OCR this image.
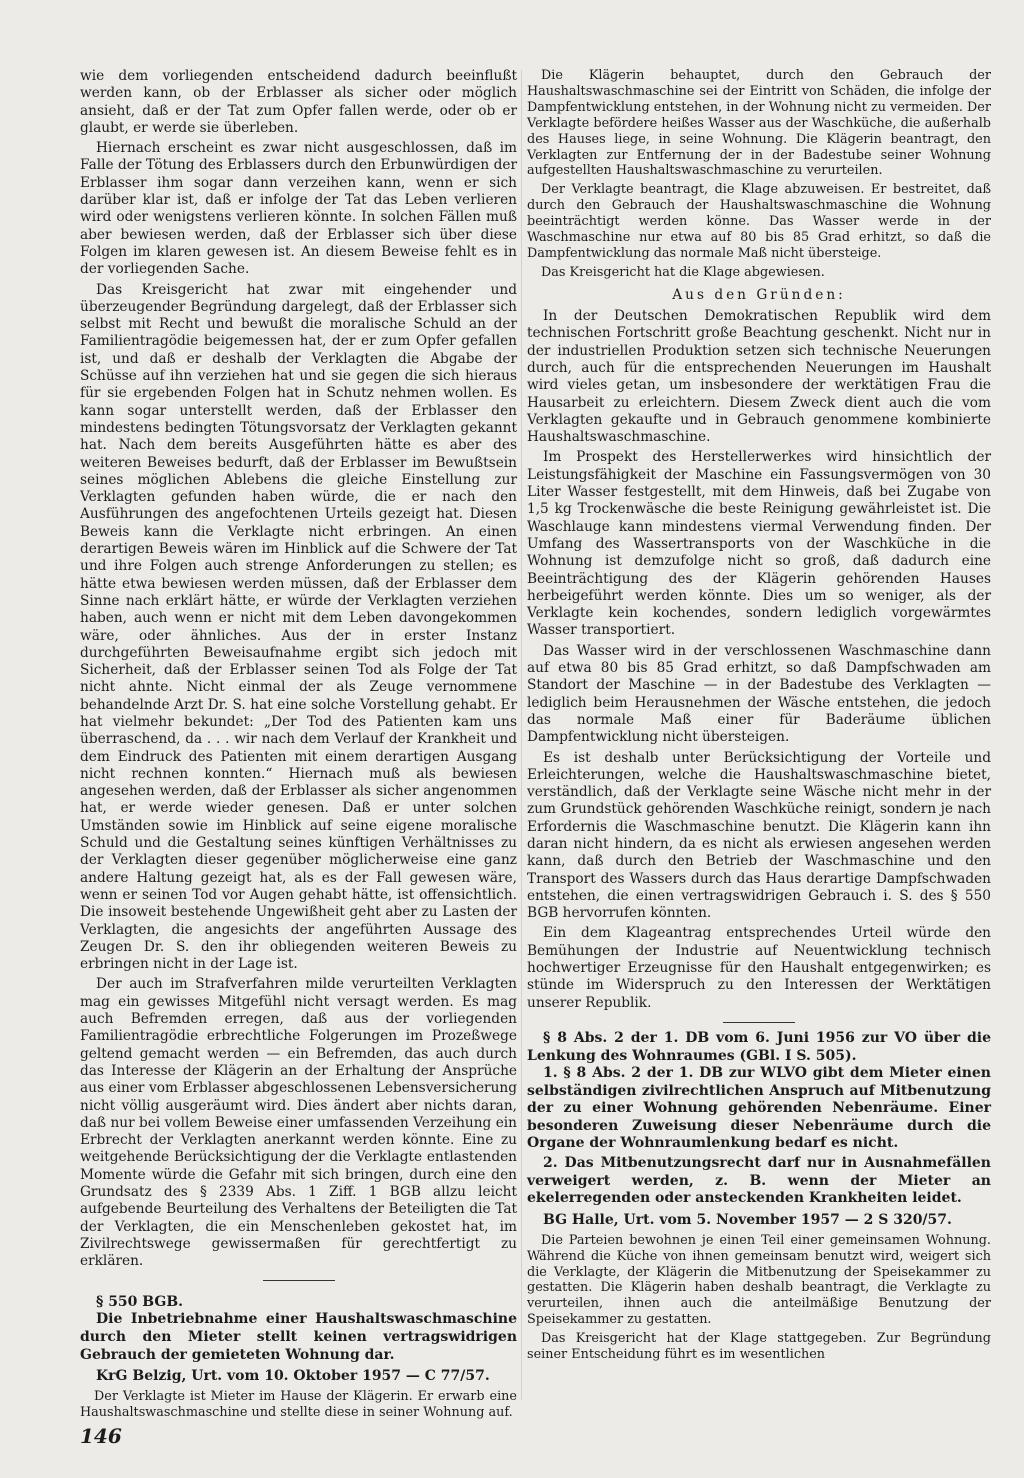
wie dem vorliegenden entscheidend dadurch beeinflußt werden kann, ob der Erblasser als sicher oder möglich ansieht, daß er der Tat zum Opfer fallen werde, oder ob er glaubt, er werde sie überleben.

Hiernach erscheint es zwar nicht ausgeschlossen, daß im Falle der Tötung des Erblassers durch den Erbunwürdigen der Erblasser ihm sogar dann verzeihen kann, wenn er sich darüber klar ist, daß er infolge der Tat das Leben verlieren wird oder wenigstens verlieren könnte. In solchen Fällen muß aber bewiesen werden, daß der Erblasser sich über diese Folgen im klaren gewesen ist. An diesem Beweise fehlt es in der vorliegenden Sache.

Das Kreisgericht hat zwar mit eingehender und überzeugender Begründung dargelegt, daß der Erblasser sich selbst mit Recht und bewußt die moralische Schuld an der Familientragödie beigemessen hat, der er zum Opfer gefallen ist, und daß er deshalb der Verklagten die Abgabe der Schüsse auf ihn verziehen hat und sie gegen die sich hieraus für sie ergebenden Folgen hat in Schutz nehmen wollen. Es kann sogar unterstellt werden, daß der Erblasser den mindestens bedingten Tötungsvorsatz der Verklagten gekannt hat. Nach dem bereits Ausgeführten hätte es aber des weiteren Beweises bedurft, daß der Erblasser im Bewußtsein seines möglichen Ablebens die gleiche Einstellung zur Verklagten gefunden haben würde, die er nach den Ausführungen des angefochtenen Urteils gezeigt hat. Diesen Beweis kann die Verklagte nicht erbringen. An einen derartigen Beweis wären im Hinblick auf die Schwere der Tat und ihre Folgen auch strenge Anforderungen zu stellen; es hätte etwa bewiesen werden müssen, daß der Erblasser dem Sinne nach erklärt hätte, er würde der Verklagten verziehen haben, auch wenn er nicht mit dem Leben davongekommen wäre, oder ähnliches. Aus der in erster Instanz durchgeführten Beweisaufnahme ergibt sich jedoch mit Sicherheit, daß der Erblasser seinen Tod als Folge der Tat nicht ahnte. Nicht einmal der als Zeuge vernommene behandelnde Arzt Dr. S. hat eine solche Vorstellung gehabt. Er hat vielmehr bekundet: „Der Tod des Patienten kam uns überraschend, da . . . wir nach dem Verlauf der Krankheit und dem Eindruck des Patienten mit einem derartigen Ausgang nicht rechnen konnten.“ Hiernach muß als bewiesen angesehen werden, daß der Erblasser als sicher angenommen hat, er werde wieder genesen. Daß er unter solchen Umständen sowie im Hinblick auf seine eigene moralische Schuld und die Gestaltung seines künftigen Verhältnisses zu der Verklagten dieser gegenüber möglicherweise eine ganz andere Haltung gezeigt hat, als es der Fall gewesen wäre, wenn er seinen Tod vor Augen gehabt hätte, ist offensichtlich. Die insoweit bestehende Ungewißheit geht aber zu Lasten der Verklagten, die angesichts der angeführten Aussage des Zeugen Dr. S. den ihr obliegenden weiteren Beweis zu erbringen nicht in der Lage ist.

Der auch im Strafverfahren milde verurteilten Verklagten mag ein gewisses Mitgefühl nicht versagt werden. Es mag auch Befremden erregen, daß aus der vorliegenden Familientragödie erbrechtliche Folgerungen im Prozeßwege geltend gemacht werden — ein Befremden, das auch durch das Interesse der Klägerin an der Erhaltung der Ansprüche aus einer vom Erblasser abgeschlossenen Lebensversicherung nicht völlig ausgeräumt wird. Dies ändert aber nichts daran, daß nur bei vollem Beweise einer umfassenden Verzeihung ein Erbrecht der Verklagten anerkannt werden könnte. Eine zu weitgehende Berücksichtigung der die Verklagte entlastenden Momente würde die Gefahr mit sich bringen, durch eine den Grundsatz des § 2339 Abs. 1 Ziff. 1 BGB allzu leicht aufgebende Beurteilung des Verhaltens der Beteiligten die Tat der Verklagten, die ein Menschenleben gekostet hat, im Zivilrechtswege gewissermaßen für gerechtfertigt zu erklären.

§ 550 BGB.

Die Inbetriebnahme einer Haushaltswaschmaschine durch den Mieter stellt keinen vertragswidrigen Gebrauch der gemieteten Wohnung dar.

KrG Belzig, Urt. vom 10. Oktober 1957 — C 77/57.

Der Verklagte ist Mieter im Hause der Klägerin. Er erwarb eine Haushaltswaschmaschine und stellte diese in seiner Wohnung auf.

Die Klägerin behauptet, durch den Gebrauch der Haushaltswaschmaschine sei der Eintritt von Schäden, die infolge der Dampfentwicklung entstehen, in der Wohnung nicht zu vermeiden. Der Verklagte befördere heißes Wasser aus der Waschküche, die außerhalb des Hauses liege, in seine Wohnung. Die Klägerin beantragt, den Verklagten zur Entfernung der in der Badestube seiner Wohnung aufgestellten Haushaltswaschmaschine zu verurteilen.

Der Verklagte beantragt, die Klage abzuweisen. Er bestreitet, daß durch den Gebrauch der Haushaltswaschmaschine die Wohnung beeinträchtigt werden könne. Das Wasser werde in der Waschmaschine nur etwa auf 80 bis 85 Grad erhitzt, so daß die Dampfentwicklung das normale Maß nicht übersteige.

Das Kreisgericht hat die Klage abgewiesen.

Aus den Gründen:

In der Deutschen Demokratischen Republik wird dem technischen Fortschritt große Beachtung geschenkt. Nicht nur in der industriellen Produktion setzen sich technische Neuerungen durch, auch für die entsprechenden Neuerungen im Haushalt wird vieles getan, um insbesondere der werktätigen Frau die Hausarbeit zu erleichtern. Diesem Zweck dient auch die vom Verklagten gekaufte und in Gebrauch genommene kombinierte Haushaltswaschmaschine.

Im Prospekt des Herstellerwerkes wird hinsichtlich der Leistungsfähigkeit der Maschine ein Fassungsvermögen von 30 Liter Wasser festgestellt, mit dem Hinweis, daß bei Zugabe von 1,5 kg Trockenwäsche die beste Reinigung gewährleistet ist. Die Waschlauge kann mindestens viermal Verwendung finden. Der Umfang des Wassertransports von der Waschküche in die Wohnung ist demzufolge nicht so groß, daß dadurch eine Beeinträchtigung des der Klägerin gehörenden Hauses herbeigeführt werden könnte. Dies um so weniger, als der Verklagte kein kochendes, sondern lediglich vorgewärmtes Wasser transportiert.

Das Wasser wird in der verschlossenen Waschmaschine dann auf etwa 80 bis 85 Grad erhitzt, so daß Dampfschwaden am Standort der Maschine — in der Badestube des Verklagten — lediglich beim Herausnehmen der Wäsche entstehen, die jedoch das normale Maß einer für Baderäume üblichen Dampfentwicklung nicht übersteigen.

Es ist deshalb unter Berücksichtigung der Vorteile und Erleichterungen, welche die Haushaltswaschmaschine bietet, verständlich, daß der Verklagte seine Wäsche nicht mehr in der zum Grundstück gehörenden Waschküche reinigt, sondern je nach Erfordernis die Waschmaschine benutzt. Die Klägerin kann ihn daran nicht hindern, da es nicht als erwiesen angesehen werden kann, daß durch den Betrieb der Waschmaschine und den Transport des Wassers durch das Haus derartige Dampfschwaden entstehen, die einen vertragswidrigen Gebrauch i. S. des § 550 BGB hervorrufen könnten.

Ein dem Klageantrag entsprechendes Urteil würde den Bemühungen der Industrie auf Neuentwicklung technisch hochwertiger Erzeugnisse für den Haushalt entgegenwirken; es stünde im Widerspruch zu den Interessen der Werktätigen unserer Republik.

§ 8 Abs. 2 der 1. DB vom 6. Juni 1956 zur VO über die Lenkung des Wohnraumes (GBl. I S. 505).

1. § 8 Abs. 2 der 1. DB zur WLVO gibt dem Mieter einen selbständigen zivilrechtlichen Anspruch auf Mitbenutzung der zu einer Wohnung gehörenden Nebenräume. Einer besonderen Zuweisung dieser Nebenräume durch die Organe der Wohnraumlenkung bedarf es nicht.

2. Das Mitbenutzungsrecht darf nur in Ausnahmefällen verweigert werden, z. B. wenn der Mieter an ekelerregenden oder ansteckenden Krankheiten leidet.

BG Halle, Urt. vom 5. November 1957 — 2 S 320/57.

Die Parteien bewohnen je einen Teil einer gemeinsamen Wohnung. Während die Küche von ihnen gemeinsam benutzt wird, weigert sich die Verklagte, der Klägerin die Mitbenutzung der Speisekammer zu gestatten. Die Klägerin haben deshalb beantragt, die Verklagte zu verurteilen, ihnen auch die anteilmäßige Benutzung der Speisekammer zu gestatten.

Das Kreisgericht hat der Klage stattgegeben. Zur Begründung seiner Entscheidung führt es im wesentlichen

146
